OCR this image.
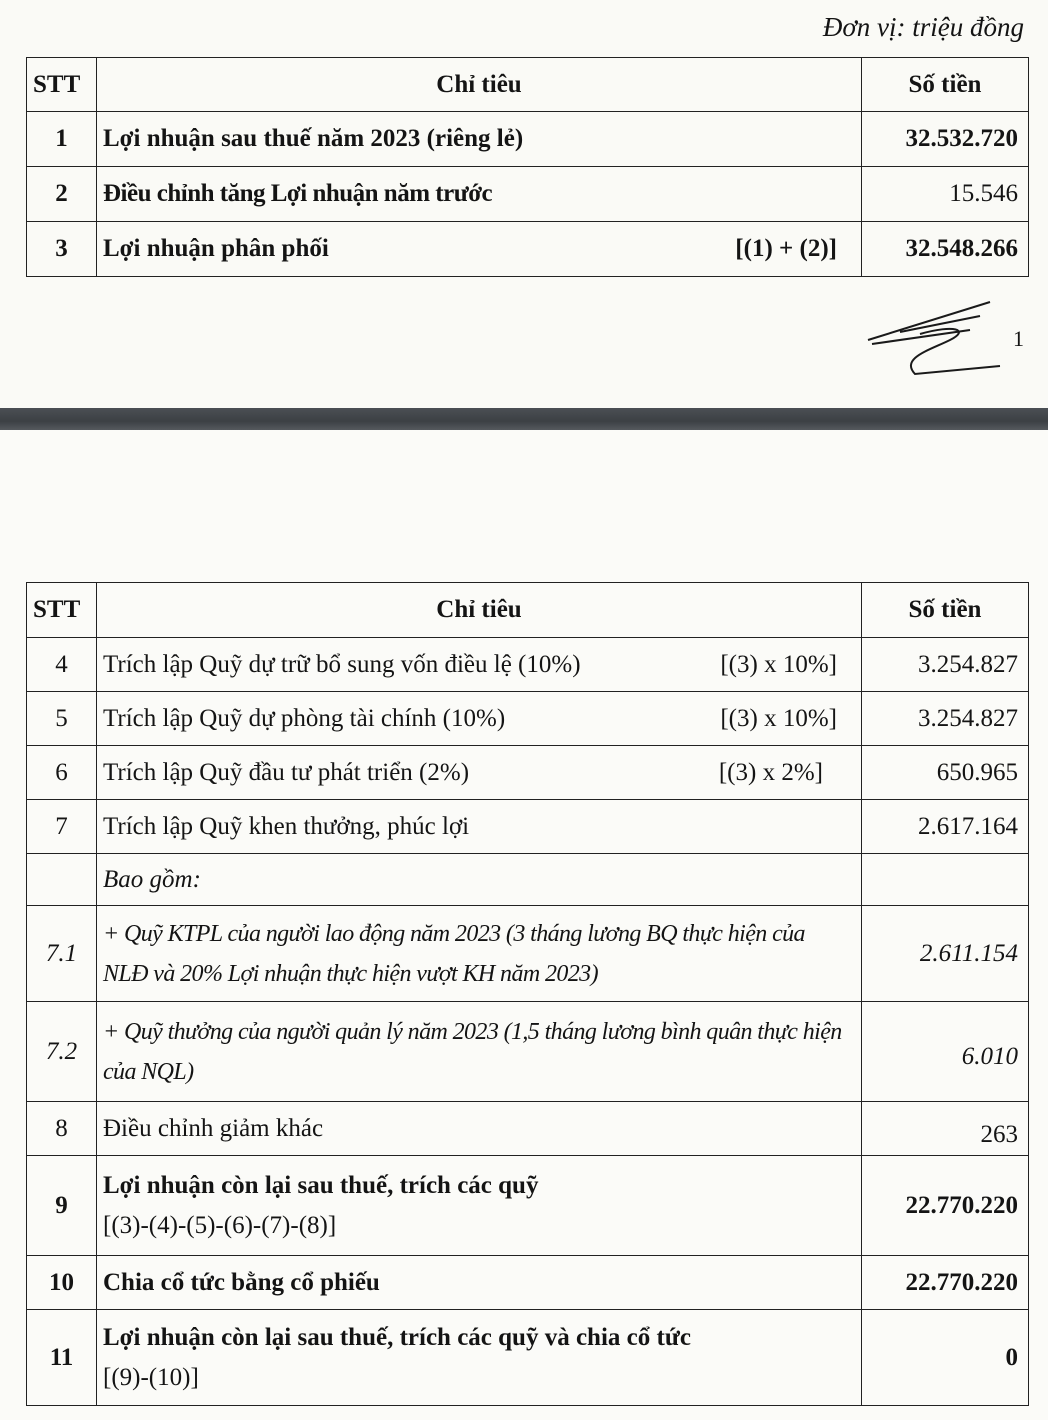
Đơn vị: triệu đồng
STT	Chỉ tiêu	Số tiền
1	Lợi nhuận sau thuế năm 2023 (riêng lẻ)	32.532.720
2	Điều chỉnh tăng Lợi nhuận năm trước	15.546
3	Lợi nhuận phân phối [(1) + (2)]	32.548.266
1
STT	Chỉ tiêu	Số tiền
4	Trích lập Quỹ dự trữ bổ sung vốn điều lệ (10%) [(3) x 10%]	3.254.827
5	Trích lập Quỹ dự phòng tài chính (10%) [(3) x 10%]	3.254.827
6	Trích lập Quỹ đầu tư phát triển (2%) [(3) x 2%]	650.965
7	Trích lập Quỹ khen thưởng, phúc lợi	2.617.164
	Bao gồm:	
7.1	+ Quỹ KTPL của người lao động năm 2023 (3 tháng lương BQ thực hiện của NLĐ và 20% Lợi nhuận thực hiện vượt KH năm 2023)	2.611.154
7.2	+ Quỹ thưởng của người quản lý năm 2023 (1,5 tháng lương bình quân thực hiện của NQL)	6.010
8	Điều chỉnh giảm khác	263
9	Lợi nhuận còn lại sau thuế, trích các quỹ
[(3)-(4)-(5)-(6)-(7)-(8)]	22.770.220
10	Chia cổ tức bằng cổ phiếu	22.770.220
11	Lợi nhuận còn lại sau thuế, trích các quỹ và chia cổ tức
[(9)-(10)]	0
